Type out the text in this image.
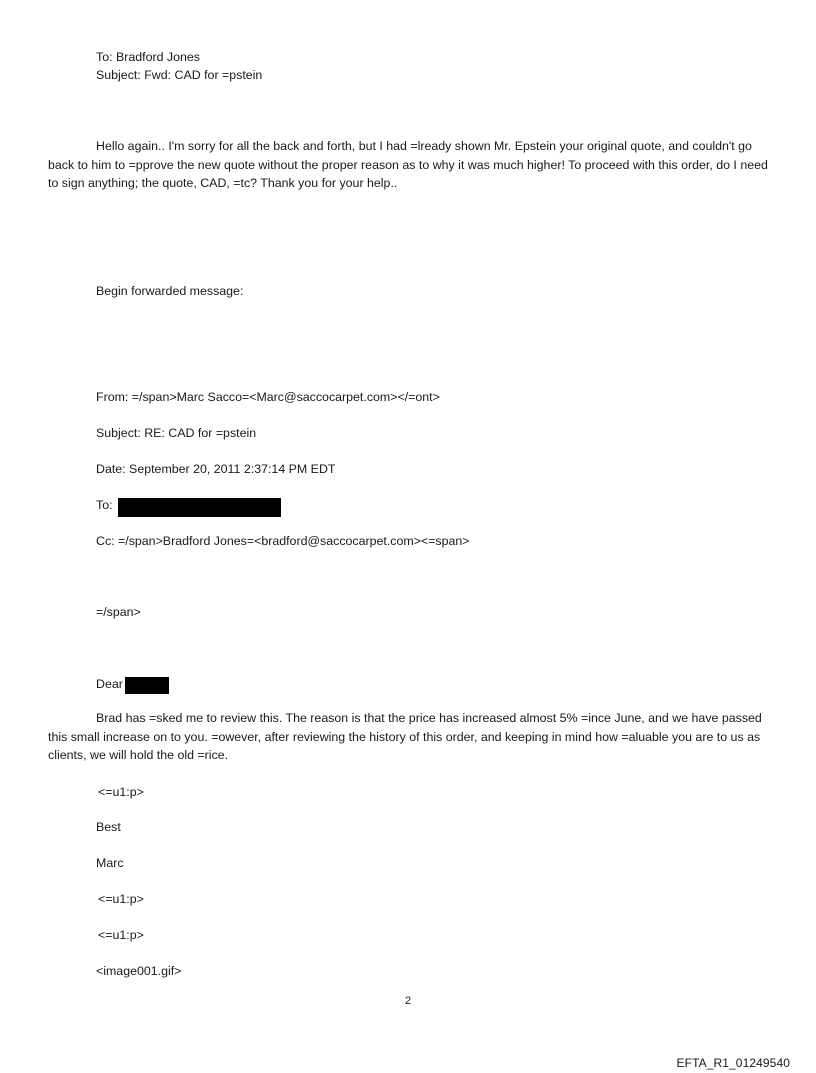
To: Bradford Jones
Subject: Fwd: CAD for =pstein
Hello again.. I'm sorry for all the back and forth, but I had =lready shown Mr. Epstein your original quote, and couldn't go back to him to =pprove the new quote without the proper reason as to why it was much higher! To proceed with this order, do I need to sign anything; the quote, CAD, =tc? Thank you for your help..
Begin forwarded message:
From: =/span>Marc Sacco=<Marc@saccocarpet.com></=ont>
Subject: RE: CAD for =pstein
Date: September 20, 2011 2:37:14 PM EDT
To:
Cc: =/span>Bradford Jones=<bradford@saccocarpet.com><=span>
=/span>
Dear
Brad has =sked me to review this. The reason is that the price has increased almost 5% =ince June, and we have passed this small increase on to you. =owever, after reviewing the history of this order, and keeping in mind how =aluable you are to us as clients, we will hold the old =rice.
<=u1:p>
Best
Marc
<=u1:p>
<=u1:p>
<image001.gif>
2
EFTA_R1_01249540
